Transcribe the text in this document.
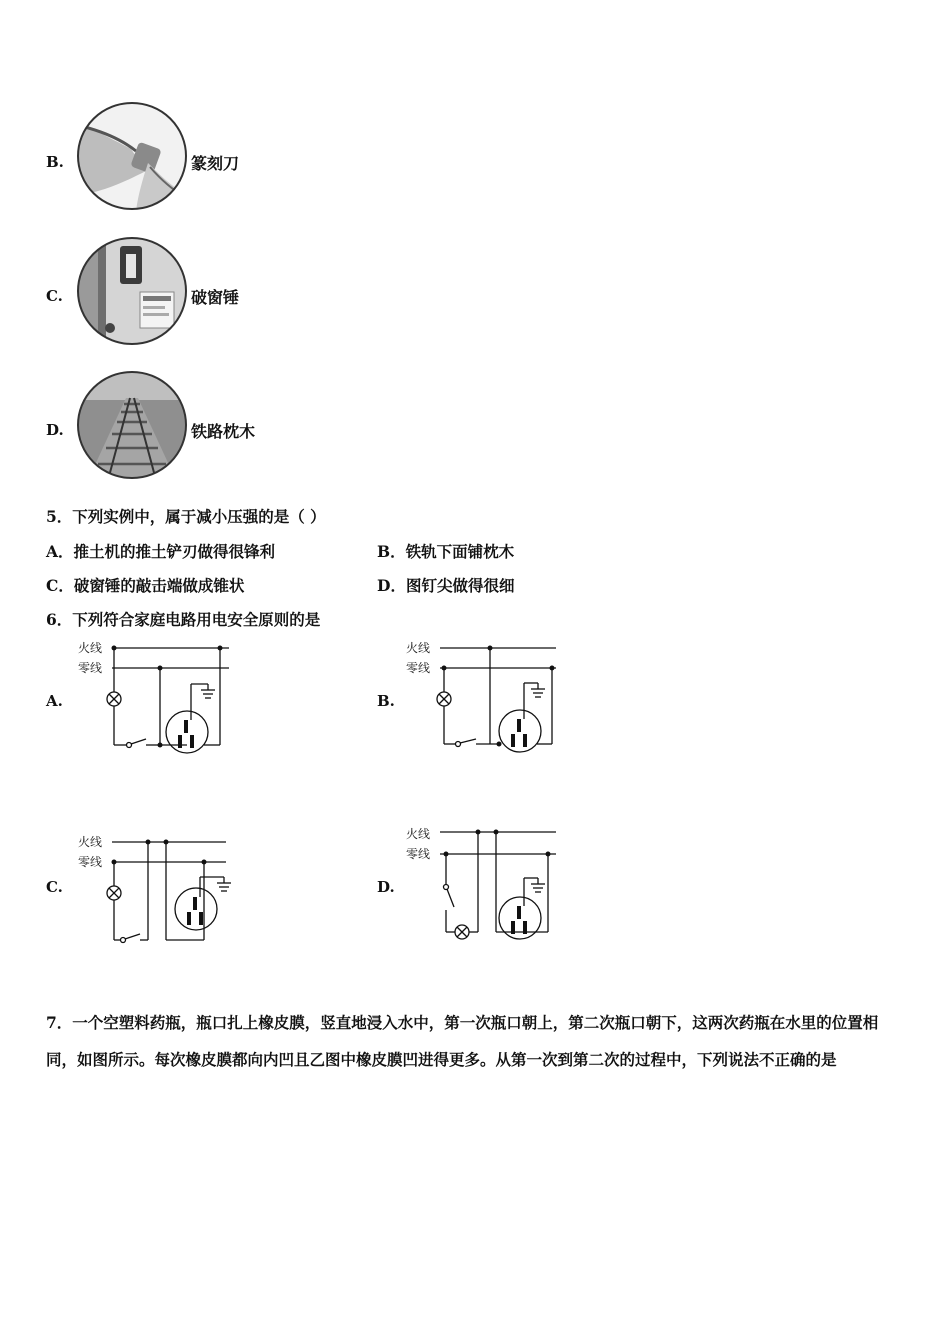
B.	篆刻刀
C.	破窗锤
D.	铁路枕木
5．下列实例中，属于减小压强的是（ ）
A．推土机的推土铲刃做得很锋利	B．铁轨下面铺枕木
C．破窗锤的敲击端做成锥状	D．图钉尖做得很细
6．下列符合家庭电路用电安全原则的是
A.
火线
零线
B.
火线
零线
C.
火线
零线
D.
火线
零线
7．一个空塑料药瓶，瓶口扎上橡皮膜，竖直地浸入水中，第一次瓶口朝上，第二次瓶口朝下，这两次药瓶在水里的位置相同，如图所示。每次橡皮膜都向内凹且乙图中橡皮膜凹进得更多。从第一次到第二次的过程中，下列说法不正确的是
